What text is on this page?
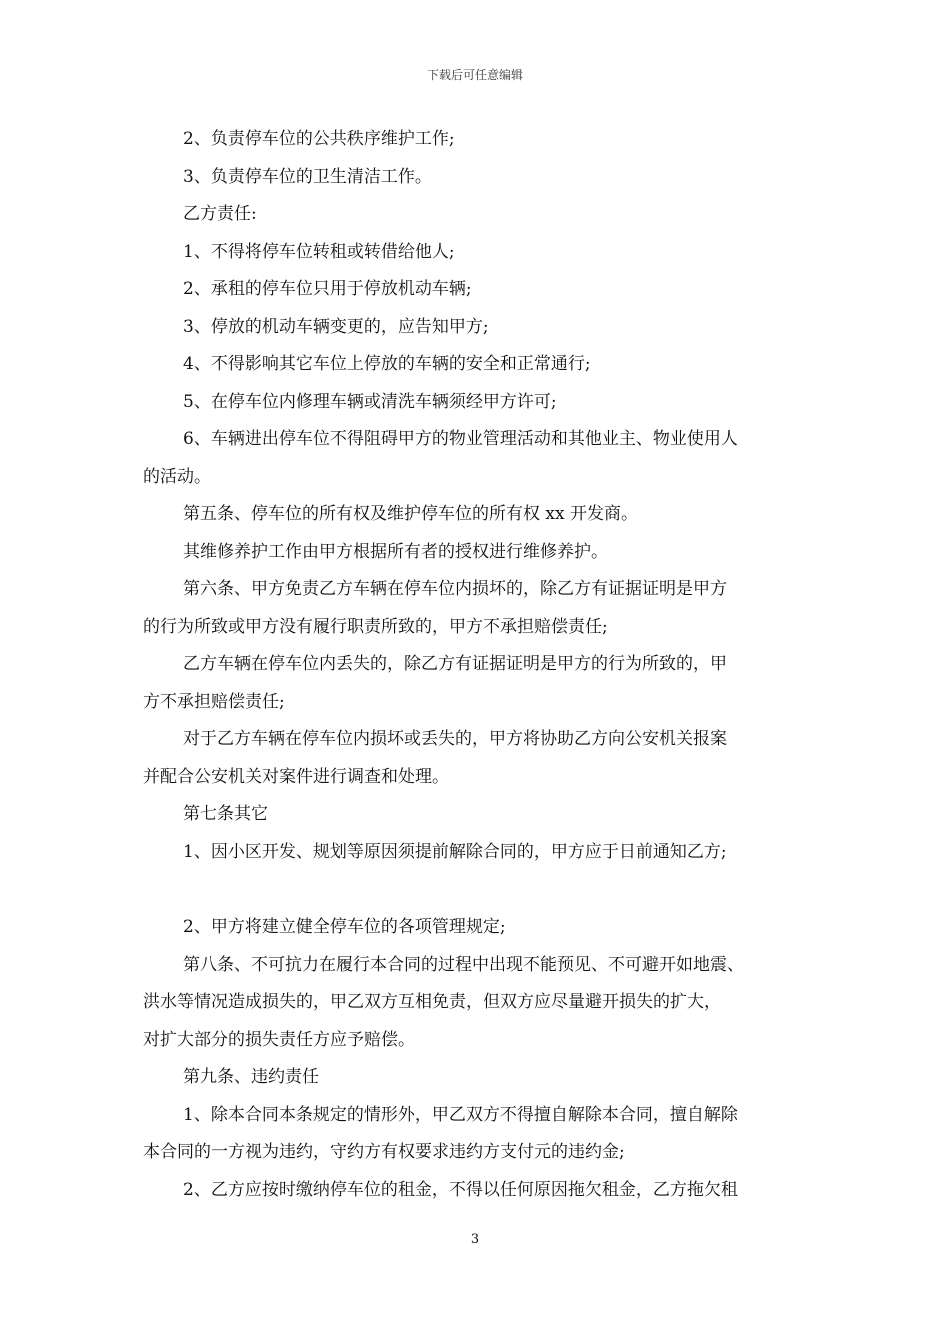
下载后可任意编辑
2、负责停车位的公共秩序维护工作;
3、负责停车位的卫生清洁工作。
乙方责任:
1、不得将停车位转租或转借给他人;
2、承租的停车位只用于停放机动车辆;
3、停放的机动车辆变更的，应告知甲方;
4、不得影响其它车位上停放的车辆的安全和正常通行;
5、在停车位内修理车辆或清洗车辆须经甲方许可;
6、车辆进出停车位不得阻碍甲方的物业管理活动和其他业主、物业使用人
的活动。
第五条、停车位的所有权及维护停车位的所有权 xx 开发商。
其维修养护工作由甲方根据所有者的授权进行维修养护。
第六条、甲方免责乙方车辆在停车位内损坏的，除乙方有证据证明是甲方
的行为所致或甲方没有履行职责所致的，甲方不承担赔偿责任;
乙方车辆在停车位内丢失的，除乙方有证据证明是甲方的行为所致的，甲
方不承担赔偿责任;
对于乙方车辆在停车位内损坏或丢失的，甲方将协助乙方向公安机关报案
并配合公安机关对案件进行调查和处理。
第七条其它
1、因小区开发、规划等原因须提前解除合同的，甲方应于日前通知乙方;
2、甲方将建立健全停车位的各项管理规定;
第八条、不可抗力在履行本合同的过程中出现不能预见、不可避开如地震、
洪水等情况造成损失的，甲乙双方互相免责，但双方应尽量避开损失的扩大，
对扩大部分的损失责任方应予赔偿。
第九条、违约责任
1、除本合同本条规定的情形外，甲乙双方不得擅自解除本合同，擅自解除
本合同的一方视为违约，守约方有权要求违约方支付元的违约金;
2、乙方应按时缴纳停车位的租金，不得以任何原因拖欠租金，乙方拖欠租
3
